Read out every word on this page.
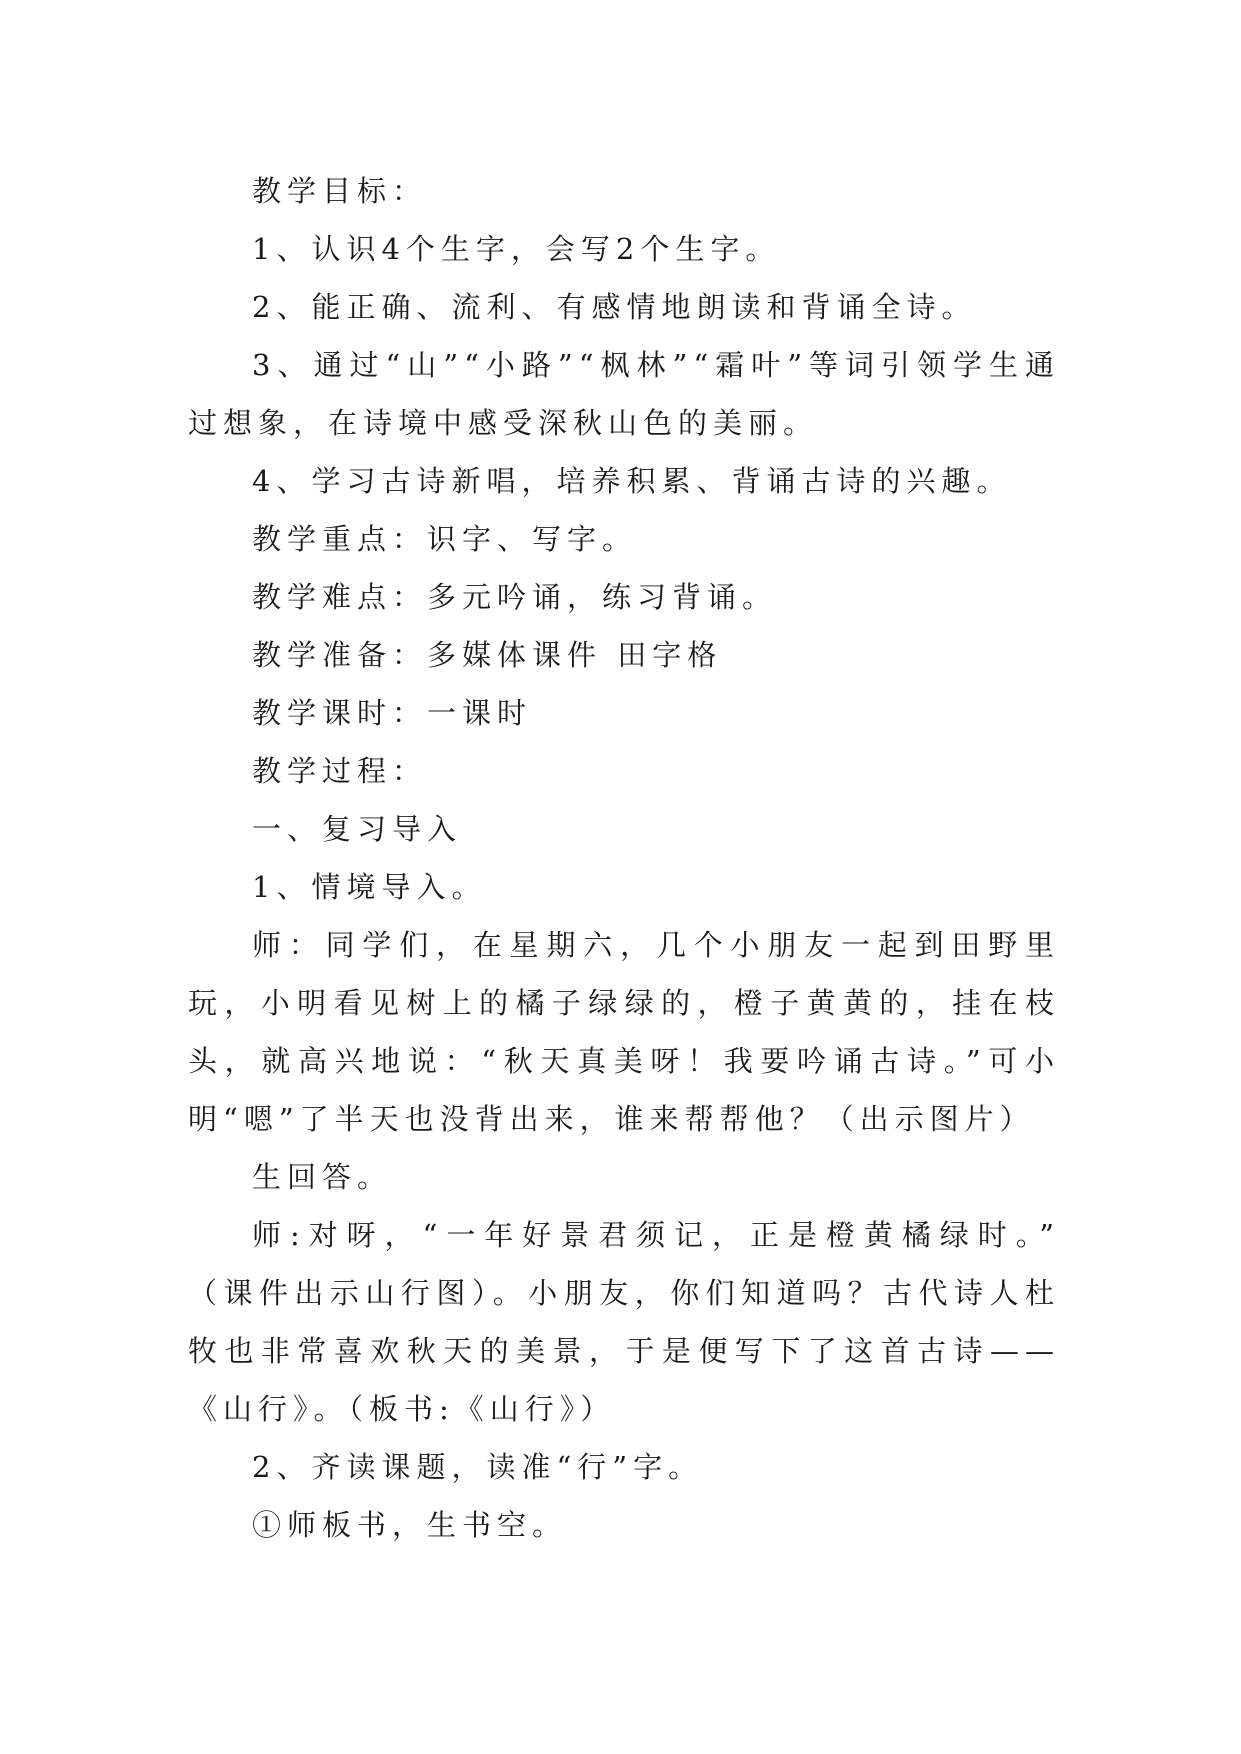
教学目标：

1、认识4个生字，会写2个生字。

2、能正确、流利、有感情地朗读和背诵全诗。

3、通过“山”“小路”“枫林”“霜叶”等词引领学生通过想象，在诗境中感受深秋山色的美丽。

4、学习古诗新唱，培养积累、背诵古诗的兴趣。

教学重点：识字、写字。

教学难点：多元吟诵，练习背诵。

教学准备：多媒体课件 田字格

教学课时：一课时

教学过程：

一、复习导入

1、情境导入。

师：同学们，在星期六，几个小朋友一起到田野里玩，小明看见树上的橘子绿绿的，橙子黄黄的，挂在枝头，就高兴地说：“秋天真美呀！我要吟诵古诗。”可小明“嗯”了半天也没背出来，谁来帮帮他？（出示图片）

生回答。

师:对呀，“一年好景君须记，正是橙黄橘绿时。” （课件出示山行图）。小朋友，你们知道吗？古代诗人杜牧也非常喜欢秋天的美景，于是便写下了这首古诗——《山行》。（板书:《山行》）

2、齐读课题，读准“行”字。

①师板书，生书空。
